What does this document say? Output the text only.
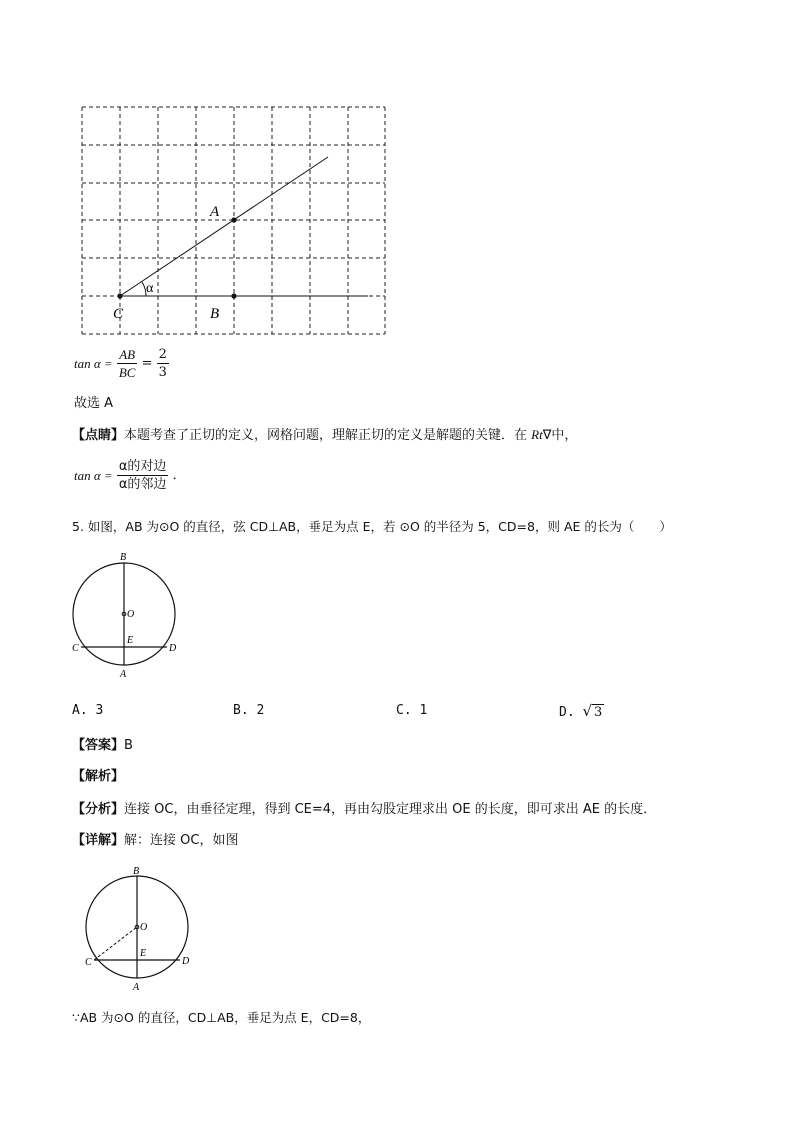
A
C	B
α
$\tan \alpha = \frac{AB}{BC} = \frac{2}{3}$
故选 A
【点睛】本题考查了正切的定义，网格问题，理解正切的定义是解题的关键．在 Rt∇中，
$\tan \alpha = \frac{\text{α的对边}}{\text{α的邻边}}$ ．
5. 如图，AB 为⊙O 的直径，弦 CD⊥AB，垂足为点 E，若 ⊙O 的半径为 5，CD=8，则 AE 的长为（　　）
B
O
E
C	D
A
A. 3	B. 2	C. 1	D. √ 3
【答案】B
【解析】
【分析】连接 OC，由垂径定理，得到 CE=4，再由勾股定理求出 OE 的长度，即可求出 AE 的长度．
【详解】解：连接 OC，如图
B
O
E
C	D
A
∵AB 为⊙O 的直径，CD⊥AB，垂足为点 E，CD=8，
